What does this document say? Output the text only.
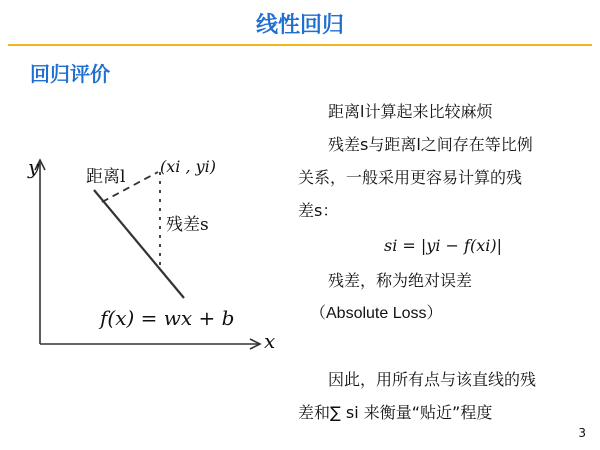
线性回归
回归评价
y
x
距离l
(xi , yi)
残差s
f(x) = wx + b
距离l计算起来比较麻烦
残差s与距离l之间存在等比例
关系，一般采用更容易计算的残
差s：
si = |yi − f(xi)|
残差，称为绝对误差
（Absolute Loss）
因此，用所有点与该直线的残
差和∑ si 来衡量“贴近”程度
3
